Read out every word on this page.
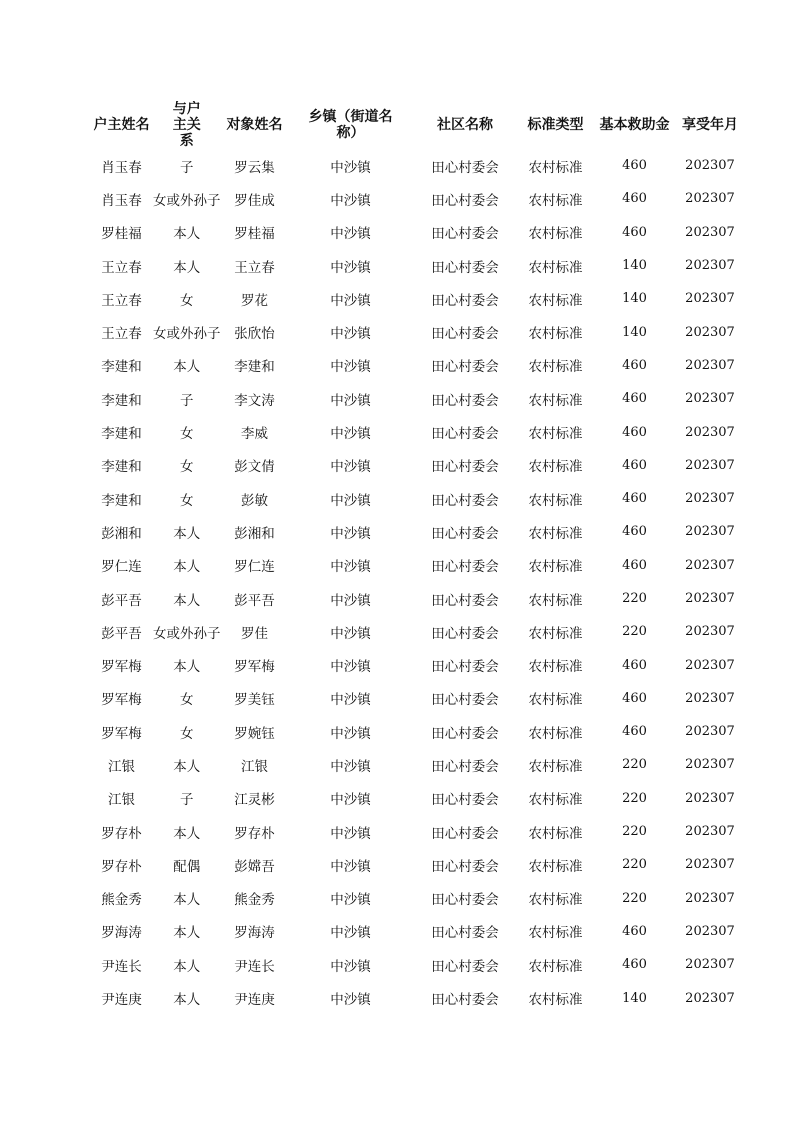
户主姓名	与户主关系	对象姓名	乡镇（街道名称）	社区名称	标准类型	基本救助金	享受年月
肖玉春	子	罗云集	中沙镇	田心村委会	农村标准	460	202307
肖玉春	女或外孙子	罗佳成	中沙镇	田心村委会	农村标准	460	202307
罗桂福	本人	罗桂福	中沙镇	田心村委会	农村标准	460	202307
王立春	本人	王立春	中沙镇	田心村委会	农村标准	140	202307
王立春	女	罗花	中沙镇	田心村委会	农村标准	140	202307
王立春	女或外孙子	张欣怡	中沙镇	田心村委会	农村标准	140	202307
李建和	本人	李建和	中沙镇	田心村委会	农村标准	460	202307
李建和	子	李文涛	中沙镇	田心村委会	农村标准	460	202307
李建和	女	李威	中沙镇	田心村委会	农村标准	460	202307
李建和	女	彭文倩	中沙镇	田心村委会	农村标准	460	202307
李建和	女	彭敏	中沙镇	田心村委会	农村标准	460	202307
彭湘和	本人	彭湘和	中沙镇	田心村委会	农村标准	460	202307
罗仁连	本人	罗仁连	中沙镇	田心村委会	农村标准	460	202307
彭平吾	本人	彭平吾	中沙镇	田心村委会	农村标准	220	202307
彭平吾	女或外孙子	罗佳	中沙镇	田心村委会	农村标准	220	202307
罗军梅	本人	罗军梅	中沙镇	田心村委会	农村标准	460	202307
罗军梅	女	罗美钰	中沙镇	田心村委会	农村标准	460	202307
罗军梅	女	罗婉钰	中沙镇	田心村委会	农村标准	460	202307
江银	本人	江银	中沙镇	田心村委会	农村标准	220	202307
江银	子	江灵彬	中沙镇	田心村委会	农村标准	220	202307
罗存朴	本人	罗存朴	中沙镇	田心村委会	农村标准	220	202307
罗存朴	配偶	彭嫦吾	中沙镇	田心村委会	农村标准	220	202307
熊金秀	本人	熊金秀	中沙镇	田心村委会	农村标准	220	202307
罗海涛	本人	罗海涛	中沙镇	田心村委会	农村标准	460	202307
尹连长	本人	尹连长	中沙镇	田心村委会	农村标准	460	202307
尹连庚	本人	尹连庚	中沙镇	田心村委会	农村标准	140	202307
